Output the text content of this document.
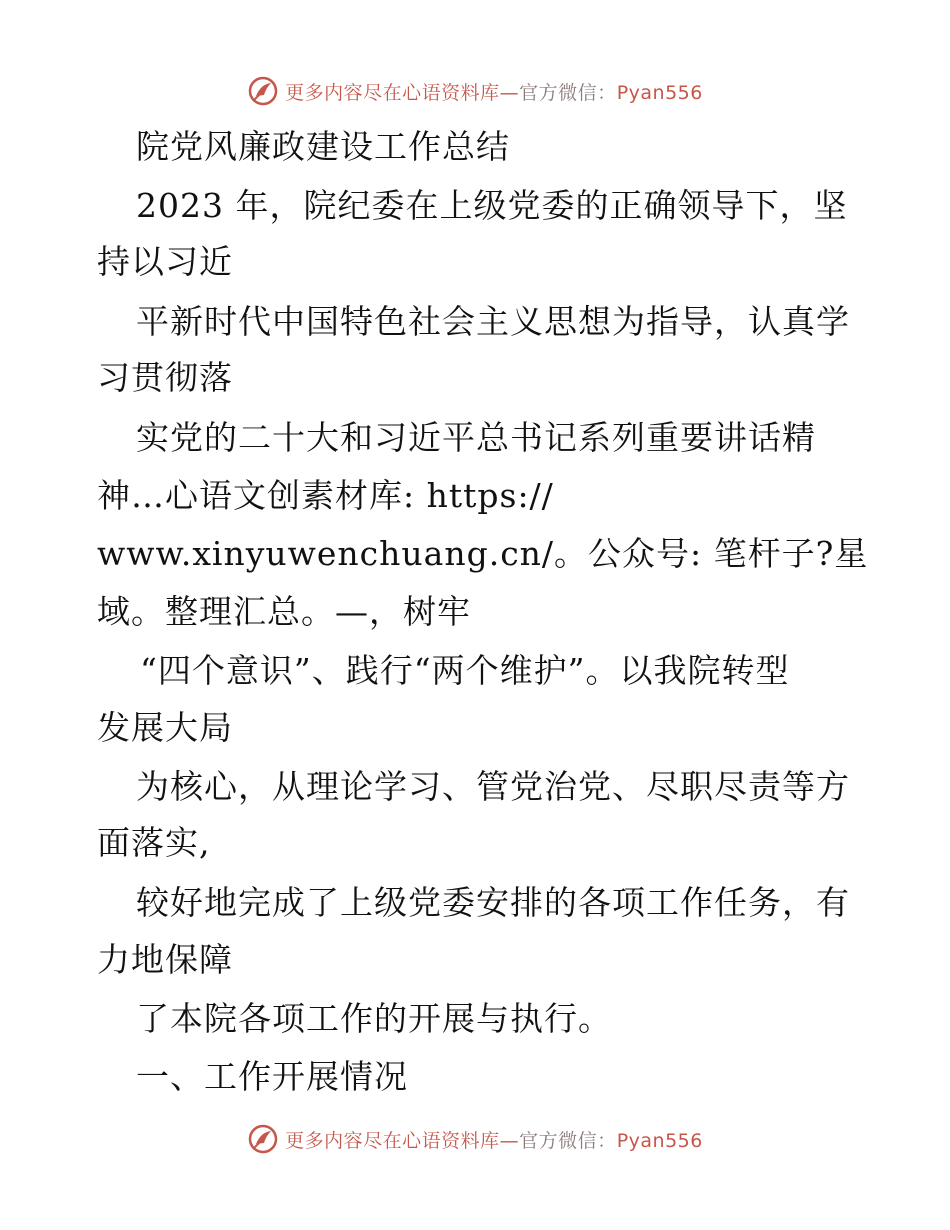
更多内容尽在心语资料库—官方微信：Pyan556
院党风廉政建设工作总结
2023 年，院纪委在上级党委的正确领导下，坚
持以习近
平新时代中国特色社会主义思想为指导，认真学
习贯彻落
实党的二十大和习近平总书记系列重要讲话精
神…心语文创素材库: https://
www.xinyuwenchuang.cn/。公众号: 笔杆子?星
域。整理汇总。—，树牢
“四个意识”、践行“两个维护”。以我院转型
发展大局
为核心，从理论学习、管党治党、尽职尽责等方
面落实,
较好地完成了上级党委安排的各项工作任务，有
力地保障
了本院各项工作的开展与执行。
一、工作开展情况
更多内容尽在心语资料库—官方微信：Pyan556
